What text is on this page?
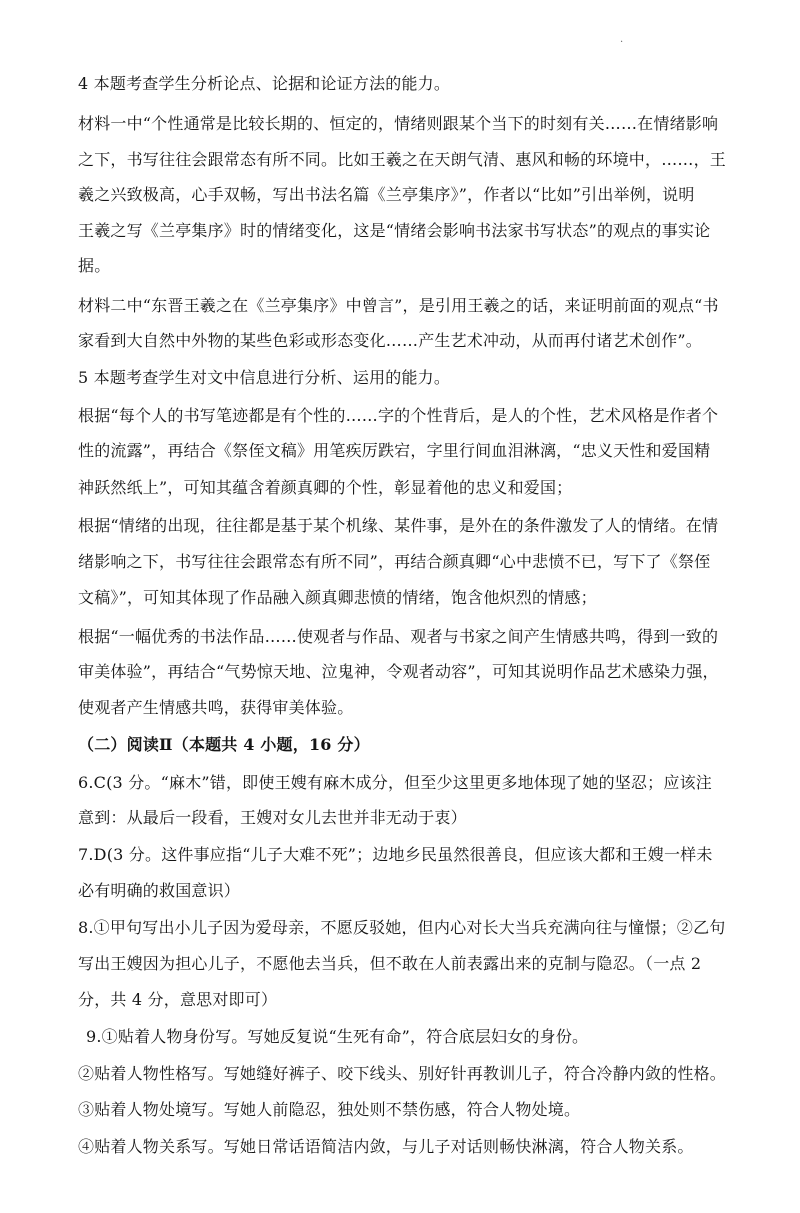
.
4 本题考查学生分析论点、论据和论证方法的能力。
材料一中“个性通常是比较长期的、恒定的，情绪则跟某个当下的时刻有关……在情绪影响
之下，书写往往会跟常态有所不同。比如王羲之在天朗气清、惠风和畅的环境中，……，王
羲之兴致极高，心手双畅，写出书法名篇《兰亭集序》”，作者以“比如”引出举例，说明
王羲之写《兰亭集序》时的情绪变化，这是“情绪会影响书法家书写状态”的观点的事实论
据。
材料二中“东晋王羲之在《兰亭集序》中曾言”，是引用王羲之的话，来证明前面的观点“书
家看到大自然中外物的某些色彩或形态变化……产生艺术冲动，从而再付诸艺术创作”。
5 本题考查学生对文中信息进行分析、运用的能力。
根据“每个人的书写笔迹都是有个性的……字的个性背后，是人的个性，艺术风格是作者个
性的流露”，再结合《祭侄文稿》用笔疾厉跌宕，字里行间血泪淋漓，“忠义天性和爱国精
神跃然纸上”，可知其蕴含着颜真卿的个性，彰显着他的忠义和爱国；
根据“情绪的出现，往往都是基于某个机缘、某件事，是外在的条件激发了人的情绪。在情
绪影响之下，书写往往会跟常态有所不同”，再结合颜真卿“心中悲愤不已，写下了《祭侄
文稿》”，可知其体现了作品融入颜真卿悲愤的情绪，饱含他炽烈的情感；
根据“一幅优秀的书法作品……使观者与作品、观者与书家之间产生情感共鸣，得到一致的
审美体验”，再结合“气势惊天地、泣鬼神，令观者动容”，可知其说明作品艺术感染力强，
使观者产生情感共鸣，获得审美体验。
（二）阅读Ⅱ（本题共 4 小题，16 分）
6.C(3 分。“麻木”错，即使王嫂有麻木成分，但至少这里更多地体现了她的坚忍；应该注
意到：从最后一段看，王嫂对女儿去世并非无动于衷）
7.D(3 分。这件事应指“儿子大难不死”；边地乡民虽然很善良，但应该大都和王嫂一样未
必有明确的救国意识）
8.①甲句写出小儿子因为爱母亲，不愿反驳她，但内心对长大当兵充满向往与憧憬；②乙句
写出王嫂因为担心儿子，不愿他去当兵，但不敢在人前表露出来的克制与隐忍。（一点 2
分，共 4 分，意思对即可）
9.①贴着人物身份写。写她反复说“生死有命”，符合底层妇女的身份。
②贴着人物性格写。写她缝好裤子、咬下线头、别好针再教训儿子，符合冷静内敛的性格。
③贴着人物处境写。写她人前隐忍，独处则不禁伤感，符合人物处境。
④贴着人物关系写。写她日常话语简洁内敛，与儿子对话则畅快淋漓，符合人物关系。
